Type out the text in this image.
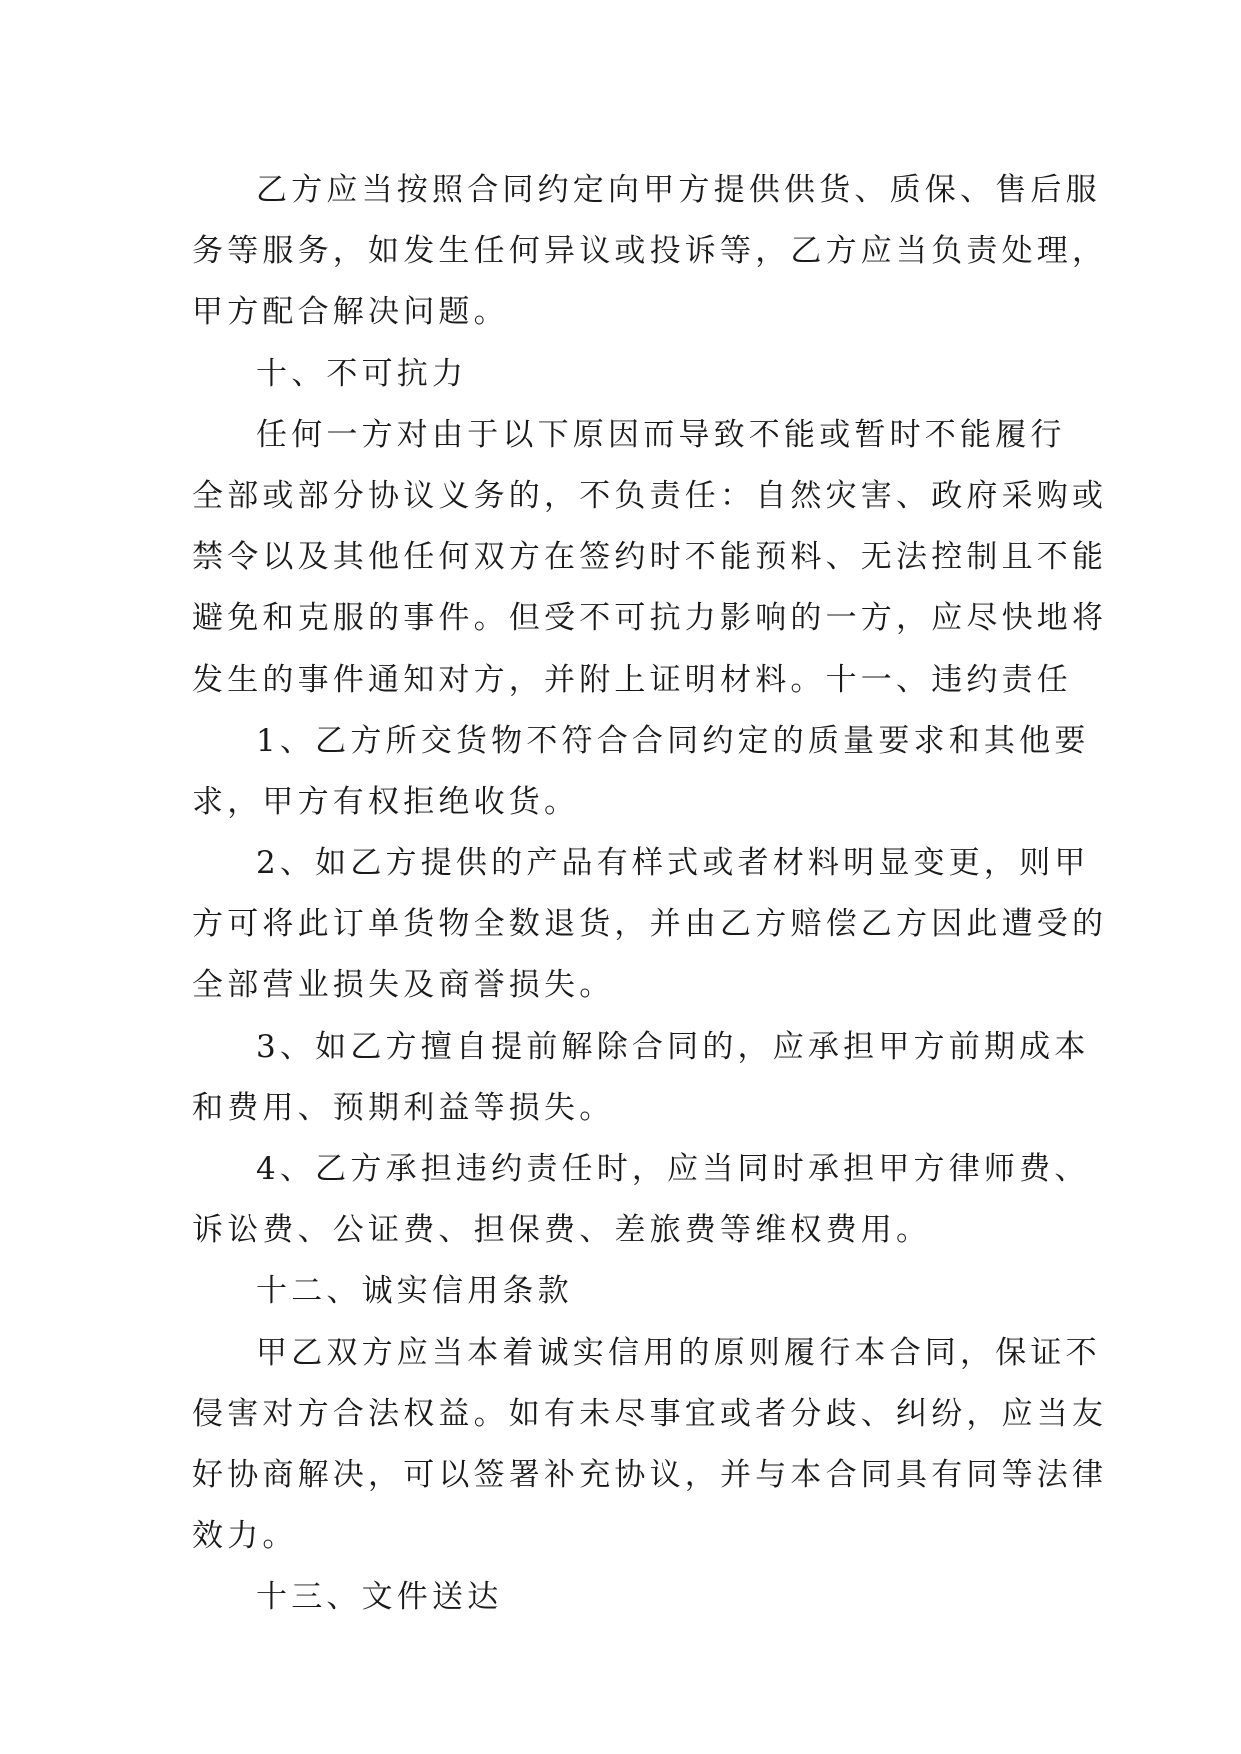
乙方应当按照合同约定向甲方提供供货、质保、售后服
务等服务，如发生任何异议或投诉等，乙方应当负责处理，
甲方配合解决问题。
十、不可抗力
任何一方对由于以下原因而导致不能或暂时不能履行
全部或部分协议义务的，不负责任：自然灾害、政府采购或
禁令以及其他任何双方在签约时不能预料、无法控制且不能
避免和克服的事件。但受不可抗力影响的一方，应尽快地将
发生的事件通知对方，并附上证明材料。十一、违约责任
1、乙方所交货物不符合合同约定的质量要求和其他要
求，甲方有权拒绝收货。
2、如乙方提供的产品有样式或者材料明显变更，则甲
方可将此订单货物全数退货，并由乙方赔偿乙方因此遭受的
全部营业损失及商誉损失。
3、如乙方擅自提前解除合同的，应承担甲方前期成本
和费用、预期利益等损失。
4、乙方承担违约责任时，应当同时承担甲方律师费、
诉讼费、公证费、担保费、差旅费等维权费用。
十二、诚实信用条款
甲乙双方应当本着诚实信用的原则履行本合同，保证不
侵害对方合法权益。如有未尽事宜或者分歧、纠纷，应当友
好协商解决，可以签署补充协议，并与本合同具有同等法律
效力。
十三、文件送达
